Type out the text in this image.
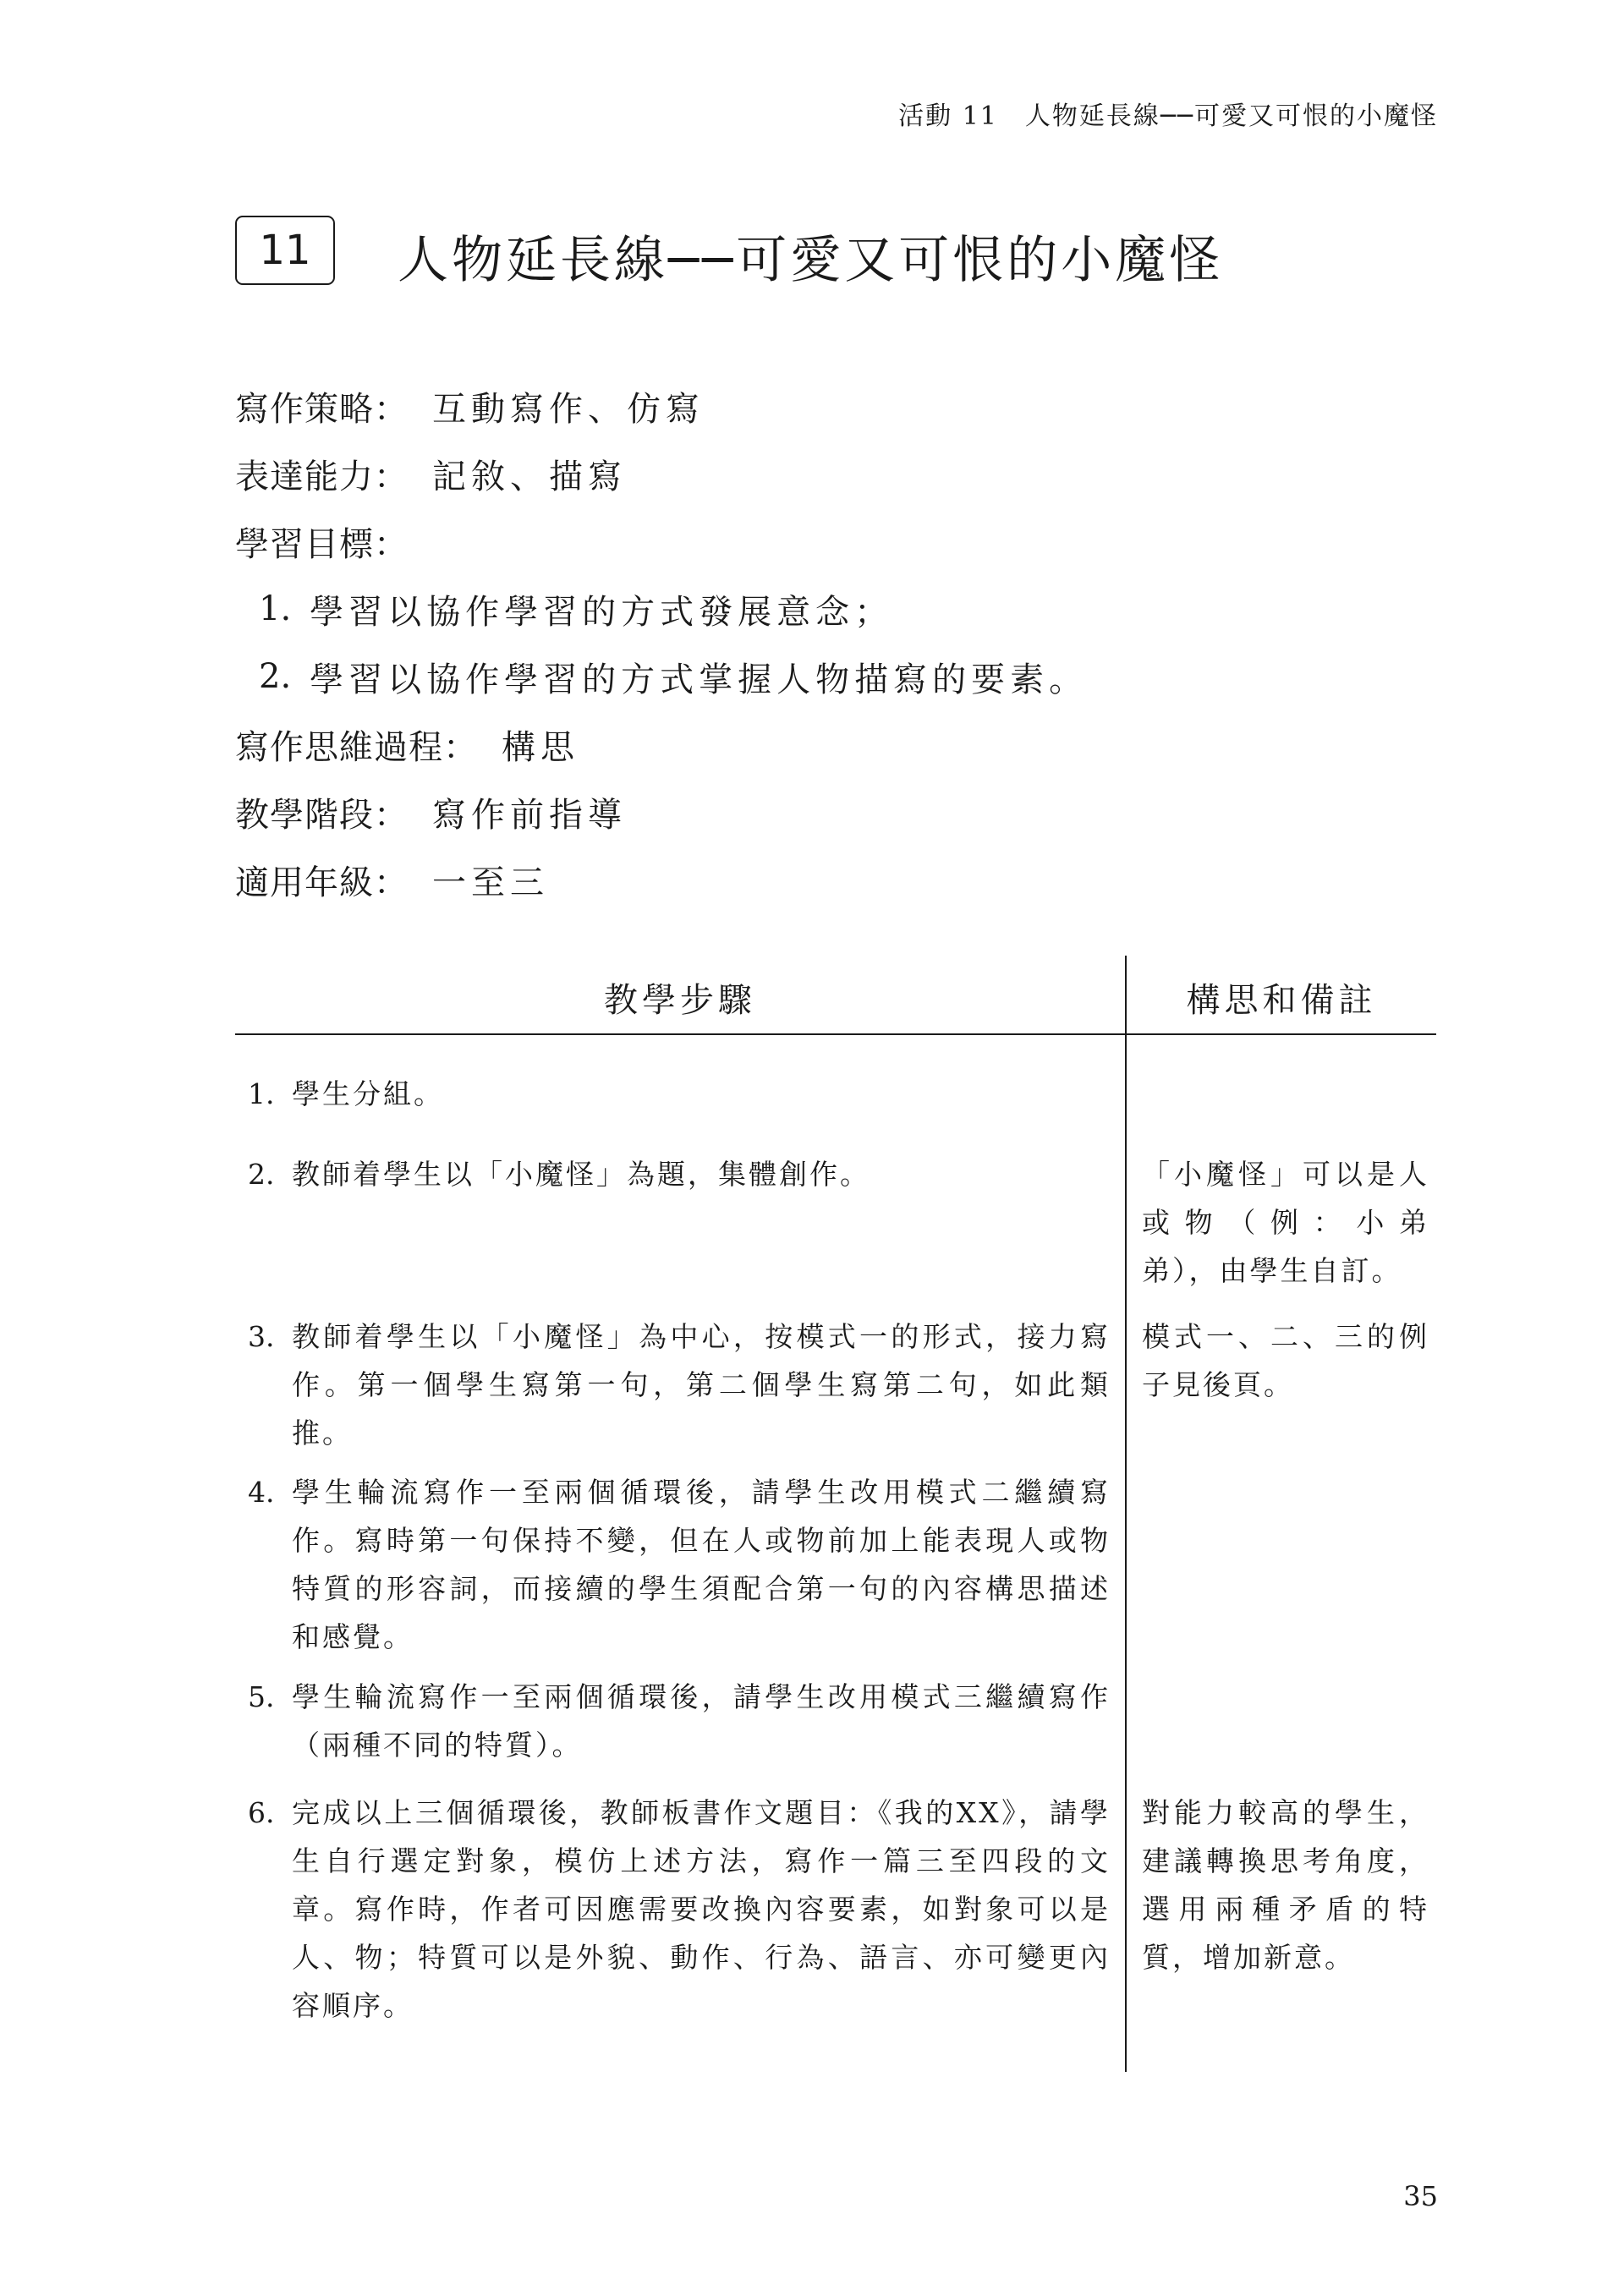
活動 11　人物延長線──可愛又可恨的小魔怪
11	人物延長線──可愛又可恨的小魔怪
寫作策略： 互動寫作、仿寫
表達能力： 記敘、描寫
學習目標：
1. 學習以協作學習的方式發展意念；
2. 學習以協作學習的方式掌握人物描寫的要素。
寫作思維過程： 構思
教學階段： 寫作前指導
適用年級： 一至三
教學步驟	構思和備註
1. 學生分組。
2. 教師着學生以「小魔怪」為題，集體創作。
3. 教師着學生以「小魔怪」為中心，按模式一的形式，接力寫作。第一個學生寫第一句，第二個學生寫第二句，如此類推。
4. 學生輪流寫作一至兩個循環後，請學生改用模式二繼續寫作。寫時第一句保持不變，但在人或物前加上能表現人或物特質的形容詞，而接續的學生須配合第一句的內容構思描述和感覺。
5. 學生輪流寫作一至兩個循環後，請學生改用模式三繼續寫作（兩種不同的特質）。
6. 完成以上三個循環後，教師板書作文題目：《我的XX》，請學生自行選定對象，模仿上述方法，寫作一篇三至四段的文章。寫作時，作者可因應需要改換內容要素，如對象可以是人、物；特質可以是外貌、動作、行為、語言、亦可變更內容順序。
「小魔怪」可以是人或物（例：小弟弟），由學生自訂。
模式一、二、三的例子見後頁。
對能力較高的學生，建議轉換思考角度，選用兩種矛盾的特質，增加新意。
35
